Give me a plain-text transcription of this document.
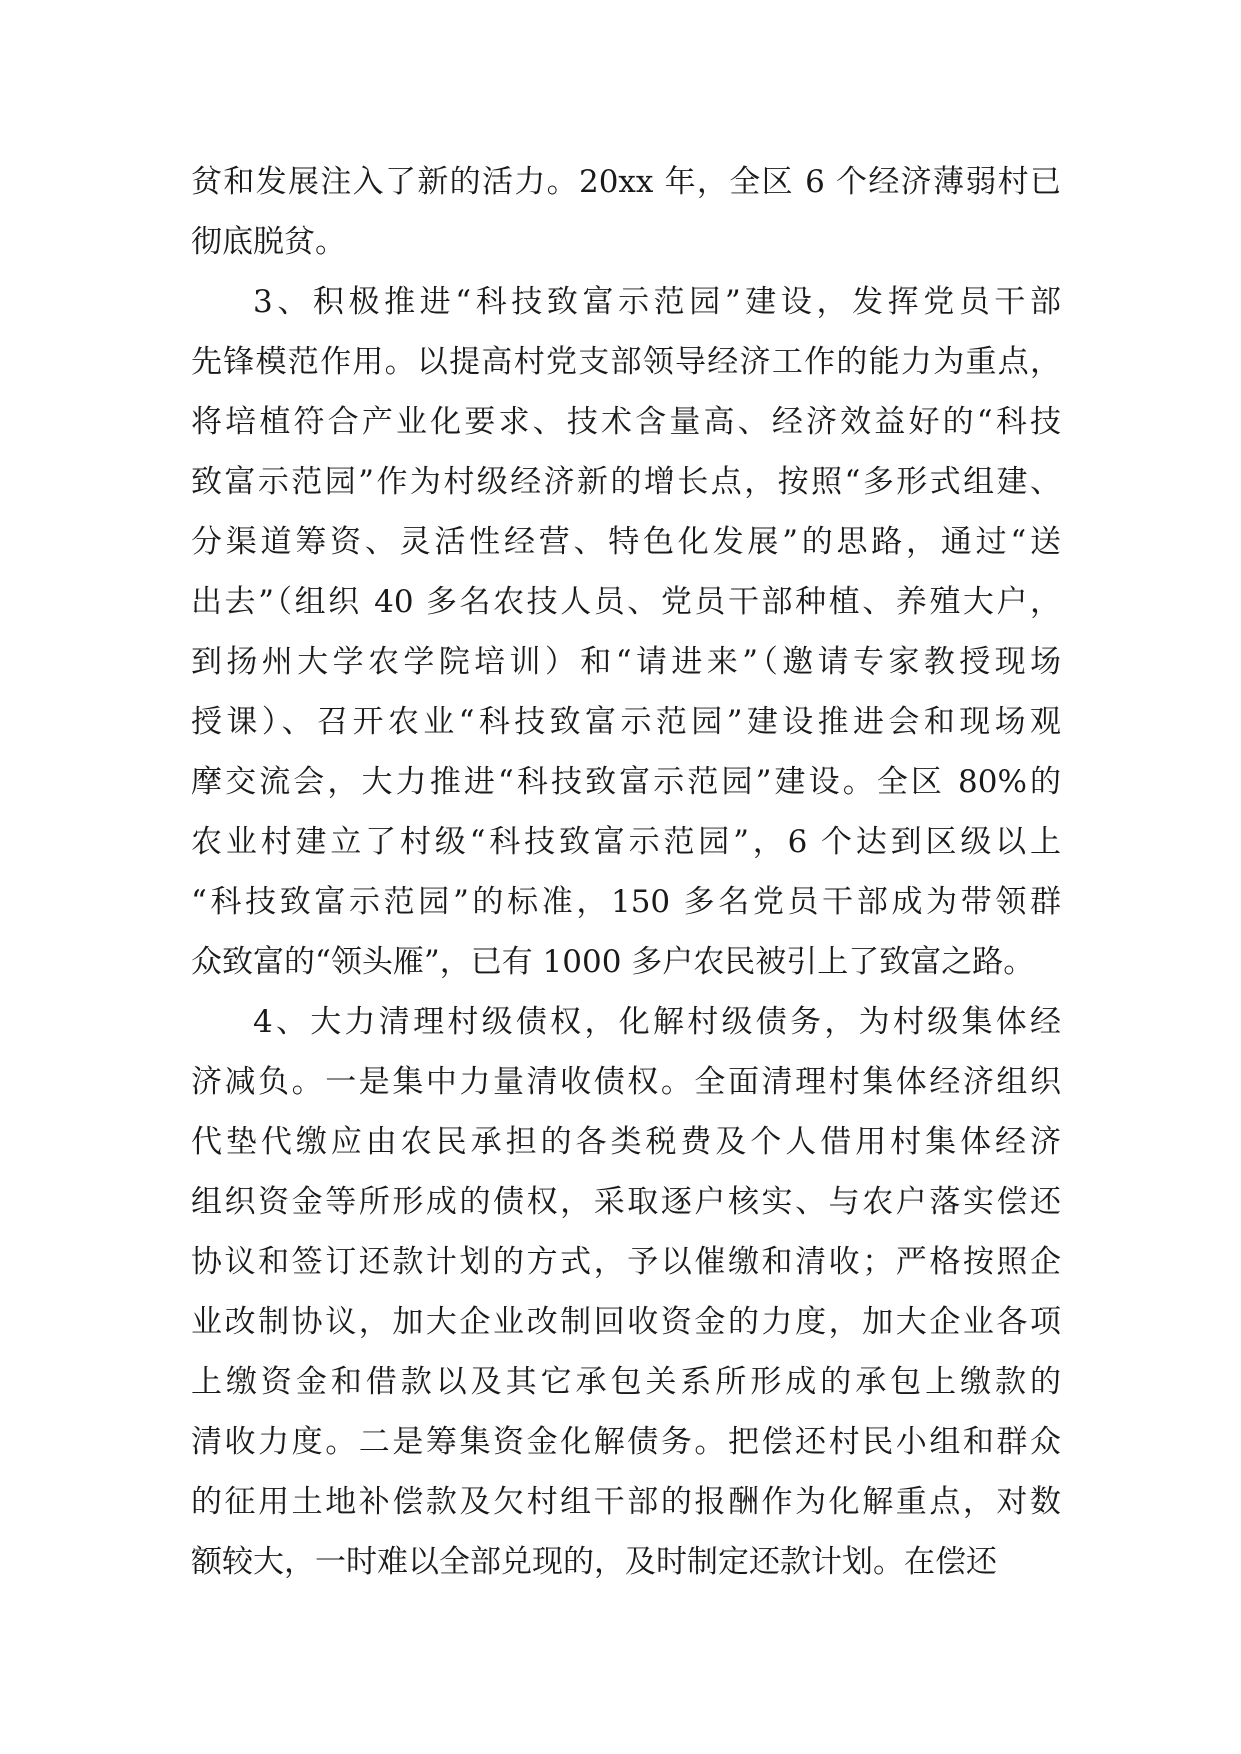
贫和发展注入了新的活力。20xx 年，全区 6 个经济薄弱村已
彻底脱贫。
3、积极推进“科技致富示范园”建设，发挥党员干部
先锋模范作用。以提高村党支部领导经济工作的能力为重点，
将培植符合产业化要求、技术含量高、经济效益好的“科技
致富示范园”作为村级经济新的增长点，按照“多形式组建、
分渠道筹资、灵活性经营、特色化发展”的思路，通过“送
出去”（组织 40 多名农技人员、党员干部种植、养殖大户，
到扬州大学农学院培训）和“请进来”（邀请专家教授现场
授课）、召开农业“科技致富示范园”建设推进会和现场观
摩交流会，大力推进“科技致富示范园”建设。全区 80%的
农业村建立了村级“科技致富示范园”，6 个达到区级以上
“科技致富示范园”的标准，150 多名党员干部成为带领群
众致富的“领头雁”，已有 1000 多户农民被引上了致富之路。
4、大力清理村级债权，化解村级债务，为村级集体经
济减负。一是集中力量清收债权。全面清理村集体经济组织
代垫代缴应由农民承担的各类税费及个人借用村集体经济
组织资金等所形成的债权，采取逐户核实、与农户落实偿还
协议和签订还款计划的方式，予以催缴和清收；严格按照企
业改制协议，加大企业改制回收资金的力度，加大企业各项
上缴资金和借款以及其它承包关系所形成的承包上缴款的
清收力度。二是筹集资金化解债务。把偿还村民小组和群众
的征用土地补偿款及欠村组干部的报酬作为化解重点，对数
额较大，一时难以全部兑现的，及时制定还款计划。在偿还
